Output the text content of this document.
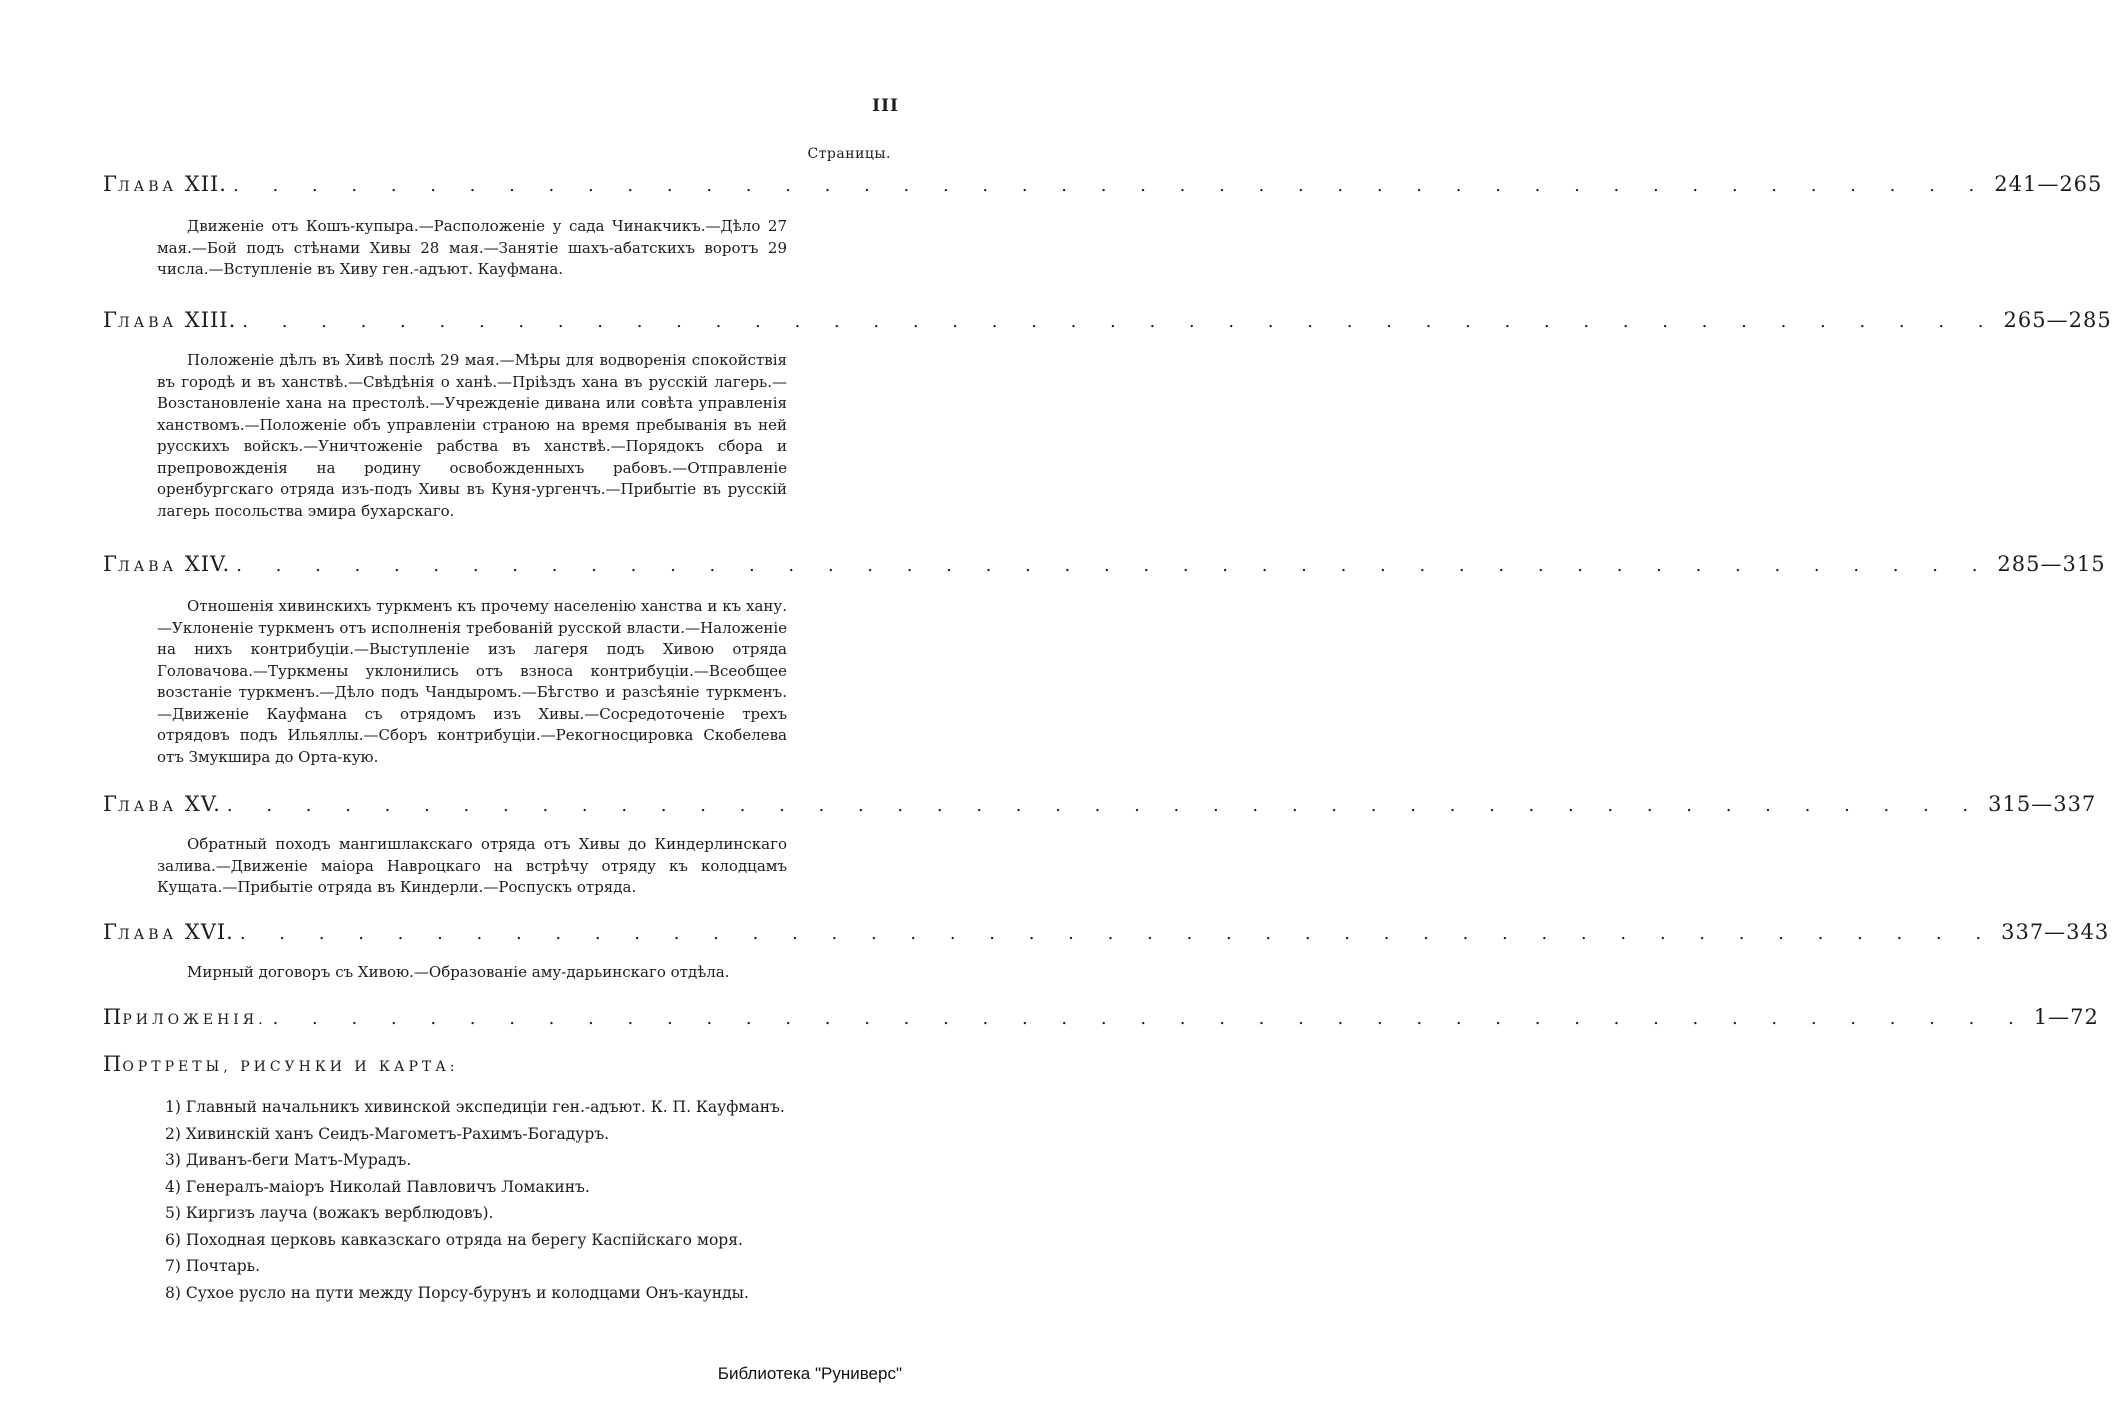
III
Страницы.
ГЛАВА XII. . . . . . . . . . . . . . . . . . . . . . . . . . . . . . . . . . . . . . . . . . . . . . 241—265

Движеніе отъ Кошъ-купыра.—Расположеніе у сада Чинакчикъ.—Дѣло 27 мая.—Бой подъ стѣнами Хивы 28 мая.—Занятіе шахъ-абатскихъ воротъ 29 числа.—Вступленіе въ Хиву ген.-адъют. Кауфмана.

ГЛАВА XIII. . . . . . . . . . . . . . . . . . . . . . . . . . . . . . . . . . . . . . . . . . . . . . 265—285

Положеніе дѣлъ въ Хивѣ послѣ 29 мая.—Мѣры для водворенія спокойствія въ городѣ и въ ханствѣ.—Свѣдѣнія о ханѣ.—Пріѣздъ хана въ русскій лагерь.—Возстановленіе хана на престолѣ.—Учрежденіе дивана или совѣта управленія ханствомъ.—Положеніе объ управленіи страною на время пребыванія въ ней русскихъ войскъ.—Уничтоженіе рабства въ ханствѣ.—Порядокъ сбора и препровожденія на родину освобожденныхъ рабовъ.—Отправленіе оренбургскаго отряда изъ-подъ Хивы въ Куня-ургенчъ.—Прибытіе въ русскій лагерь посольства эмира бухарскаго.

ГЛАВА XIV. . . . . . . . . . . . . . . . . . . . . . . . . . . . . . . . . . . . . . . . . . . . . . 285—315

Отношенія хивинскихъ туркменъ къ прочему населенію ханства и къ хану.—Уклоненіе туркменъ отъ исполненія требованій русской власти.—Наложеніе на нихъ контрибуціи.—Выступленіе изъ лагеря подъ Хивою отряда Головачова.—Туркмены уклонились отъ взноса контрибуціи.—Всеобщее возстаніе туркменъ.—Дѣло подъ Чандыромъ.—Бѣгство и разсѣяніе туркменъ.—Движеніе Кауфмана съ отрядомъ изъ Хивы.—Сосредоточеніе трехъ отрядовъ подъ Ильяллы.—Сборъ контрибуціи.—Рекогносцировка Скобелева отъ Змукшира до Орта-кую.

ГЛАВА XV. . . . . . . . . . . . . . . . . . . . . . . . . . . . . . . . . . . . . . . . . . . . . . 315—337

Обратный походъ мангишлакскаго отряда отъ Хивы до Киндерлинскаго залива.—Движеніе маіора Навроцкаго на встрѣчу отряду къ колодцамъ Кущата.—Прибытіе отряда въ Киндерли.—Роспускъ отряда.

ГЛАВА XVI. . . . . . . . . . . . . . . . . . . . . . . . . . . . . . . . . . . . . . . . . . . . . . 337—343

Мирный договоръ съ Хивою.—Образованіе аму-дарьинскаго отдѣла.

ПРИЛОЖЕНІЯ. . . . . . . . . . . . . . . . . . . . . . . . . . . . . . . . . . . . . . . . . . . . . . 1—72
ПОРТРЕТЫ, РИСУНКИ И КАРТА:
1) Главный начальникъ хивинской экспедиціи ген.-адъют. К. П. Кауфманъ.
2) Хивинскій ханъ Сеидъ-Магометъ-Рахимъ-Богадуръ.
3) Диванъ-беги Матъ-Мурадъ.
4) Генералъ-маіоръ Николай Павловичъ Ломакинъ.
5) Киргизъ лауча (вожакъ верблюдовъ).
6) Походная церковь кавказскаго отряда на берегу Каспійскаго моря.
7) Почтарь.
8) Сухое русло на пути между Порсу-бурунъ и колодцами Онъ-каунды.
Библиотека "Руниверс"
